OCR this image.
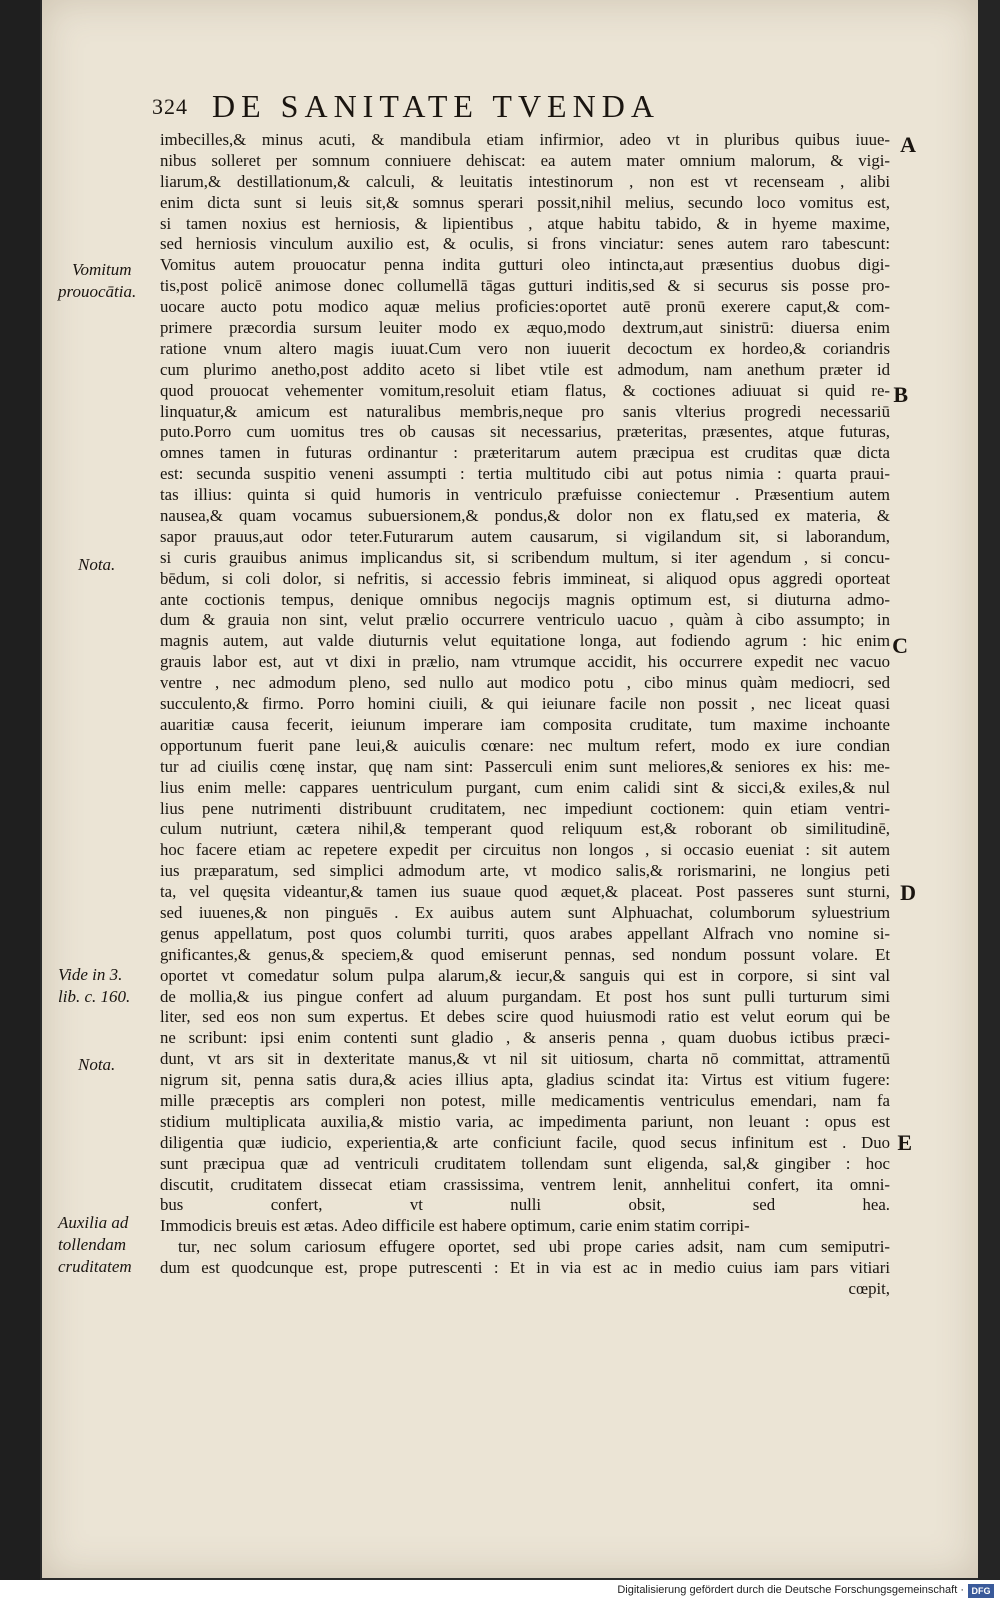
324 DE SANITATE TVENDA
imbecilles,& minus acuti, & mandibula etiam infirmior, adeo vt in pluribus quibus iuue-
nibus solleret per somnum conniuere dehiscat: ea autem mater omnium malorum, & vigi-
liarum,& destillationum,& calculi, & leuitatis intestinorum , non est vt recenseam , alibi
enim dicta sunt si leuis sit,& somnus sperari possit,nihil melius, secundo loco vomitus est,
si tamen noxius est herniosis, & lipientibus , atque habitu tabido, & in hyeme maxime,
sed herniosis vinculum auxilio est, & oculis, si frons vinciatur: senes autem raro tabescunt:
Vomitus autem prouocatur penna indita gutturi oleo intincta,aut præsentius duobus digi-
tis,post policē animose donec collumellā tāgas gutturi inditis,sed & si securus sis posse pro-
uocare aucto potu modico aquæ melius proficies:oportet autē pronū exerere caput,& com-
primere præcordia sursum leuiter modo ex æquo,modo dextrum,aut sinistrū: diuersa enim
ratione vnum altero magis iuuat.Cum vero non iuuerit decoctum ex hordeo,& coriandris
cum plurimo anetho,post addito aceto si libet vtile est admodum, nam anethum præter id
quod prouocat vehementer vomitum,resoluit etiam flatus, & coctiones adiuuat si quid re-
linquatur,& amicum est naturalibus membris,neque pro sanis vlterius progredi necessariū
puto.Porro cum uomitus tres ob causas sit necessarius, præteritas, præsentes, atque futuras,
omnes tamen in futuras ordinantur : præteritarum autem præcipua est cruditas quæ dicta
est: secunda suspitio veneni assumpti : tertia multitudo cibi aut potus nimia : quarta praui-
tas illius: quinta si quid humoris in ventriculo præfuisse coniectemur . Præsentium autem
nausea,& quam vocamus subuersionem,& pondus,& dolor non ex flatu,sed ex materia, &
sapor prauus,aut odor teter.Futurarum autem causarum, si vigilandum sit, si laborandum,
si curis grauibus animus implicandus sit, si scribendum multum, si iter agendum , si concu-
bēdum, si coli dolor, si nefritis, si accessio febris immineat, si aliquod opus aggredi oporteat
ante coctionis tempus, denique omnibus negocijs magnis optimum est, si diuturna admo-
dum & grauia non sint, velut prælio occurrere ventriculo uacuo , quàm à cibo assumpto; in
magnis autem, aut valde diuturnis velut equitatione longa, aut fodiendo agrum : hic enim
grauis labor est, aut vt dixi in prælio, nam vtrumque accidit, his occurrere expedit nec vacuo
ventre , nec admodum pleno, sed nullo aut modico potu , cibo minus quàm mediocri, sed
succulento,& firmo. Porro homini ciuili, & qui ieiunare facile non possit , nec liceat quasi
auaritiæ causa fecerit, ieiunum imperare iam composita cruditate, tum maxime inchoante
opportunum fuerit pane leui,& auiculis cœnare: nec multum refert, modo ex iure condian
tur ad ciuilis cœnę instar, quę nam sint: Passerculi enim sunt meliores,& seniores ex his: me-
lius enim melle: cappares uentriculum purgant, cum enim calidi sint & sicci,& exiles,& nul
lius pene nutrimenti distribuunt cruditatem, nec impediunt coctionem: quin etiam ventri-
culum nutriunt, cætera nihil,& temperant quod reliquum est,& roborant ob similitudinē,
hoc facere etiam ac repetere expedit per circuitus non longos , si occasio eueniat : sit autem
ius præparatum, sed simplici admodum arte, vt modico salis,& rorismarini, ne longius peti
ta, vel quęsita videantur,& tamen ius suaue quod æquet,& placeat. Post passeres sunt sturni,
sed iuuenes,& non pinguēs . Ex auibus autem sunt Alphuachat, columborum syluestrium
genus appellatum, post quos columbi turriti, quos arabes appellant Alfrach vno nomine si-
gnificantes,& genus,& speciem,& quod emiserunt pennas, sed nondum possunt volare. Et
oportet vt comedatur solum pulpa alarum,& iecur,& sanguis qui est in corpore, si sint val
de mollia,& ius pingue confert ad aluum purgandam. Et post hos sunt pulli turturum simi
liter, sed eos non sum expertus. Et debes scire quod huiusmodi ratio est velut eorum qui be
ne scribunt: ipsi enim contenti sunt gladio , & anseris penna , quam duobus ictibus præci-
dunt, vt ars sit in dexteritate manus,& vt nil sit uitiosum, charta nō committat, attramentū
nigrum sit, penna satis dura,& acies illius apta, gladius scindat ita: Virtus est vitium fugere:
mille præceptis ars compleri non potest, mille medicamentis ventriculus emendari, nam fa
stidium multiplicata auxilia,& mistio varia, ac impedimenta pariunt, non leuant : opus est
diligentia quæ iudicio, experientia,& arte conficiunt facile, quod secus infinitum est . Duo
sunt præcipua quæ ad ventriculi cruditatem tollendam sunt eligenda, sal,& gingiber : hoc
discutit, cruditatem dissecat etiam crassissima, ventrem lenit, annhelitui confert, ita omni-
bus confert, vt nulli obsit, sed hea.
Immodicis breuis est ætas. Adeo difficile est habere optimum, carie enim statim corripi-
tur, nec solum cariosum effugere oportet, sed ubi prope caries adsit, nam cum semiputri-
dum est quodcunque est, prope putrescenti : Et in via est ac in medio cuius iam pars vitiari
cœpit,
Vomitum
prouocātia.
Nota.
Vide in 3.
lib. c. 160.
Nota.
Auxilia ad
tollendam
cruditatem
A
B
C
D
E
Digitalisierung gefördert durch die Deutsche Forschungsgemeinschaft · DFG
